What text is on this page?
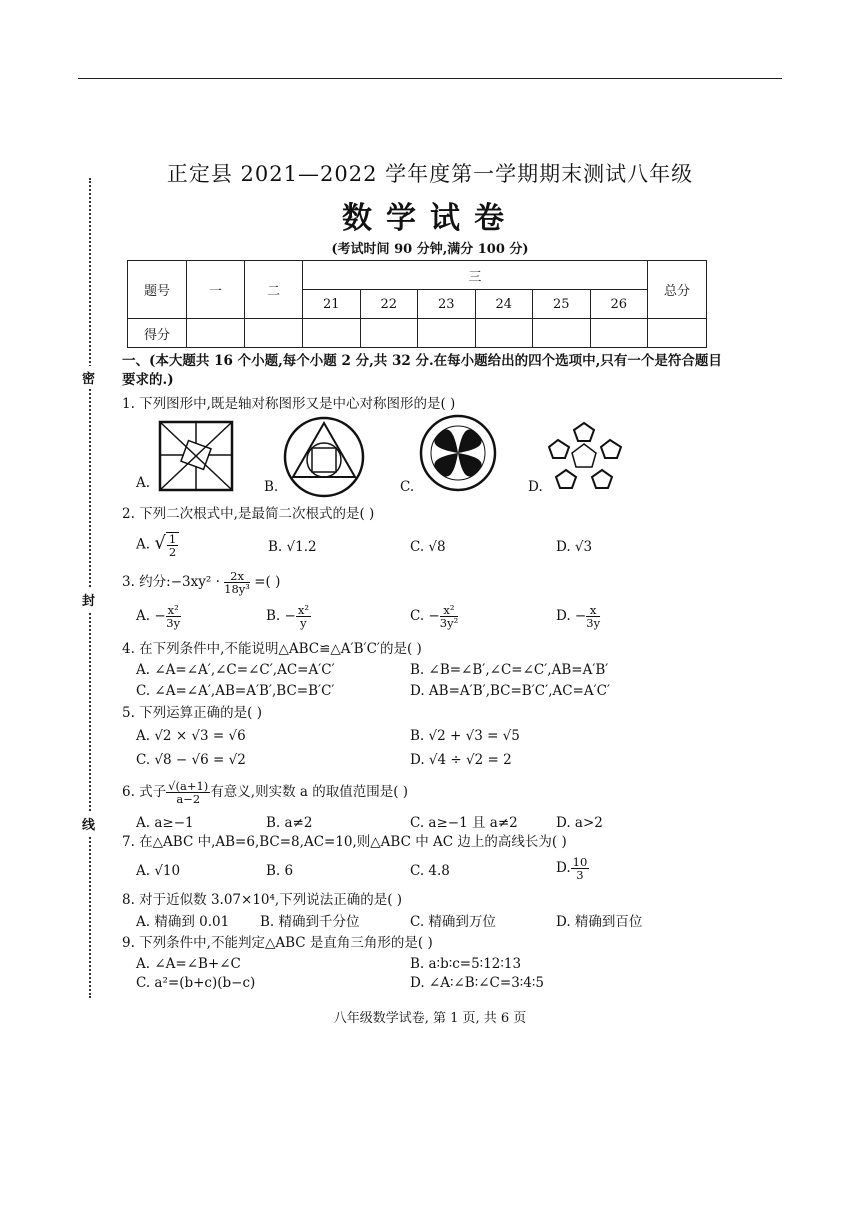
密
封
线
正定县 2021—2022 学年度第一学期期末测试八年级
数学试卷
(考试时间 90 分钟,满分 100 分)
题号	一	二	三						总分
			21	22	23	24	25	26	
得分									
一、(本大题共 16 个小题,每个小题 2 分,共 32 分.在每小题给出的四个选项中,只有一个是符合题目要求的.)
1. 下列图形中,既是轴对称图形又是中心对称图形的是( )
A.	B.	C.	D.
2. 下列二次根式中,是最简二次根式的是( )
A. √ $\frac{1}{2}$	B. √1.2	C. √8	D. √3
3. 约分:−3xy² · $\frac{2x}{\text{18y³}}$ =( )
A. − $\frac{\text{x²}}{3y}$	B. − $\frac{\text{x²}}{y}$	C. − $\frac{\text{x²}}{\text{3y²}}$	D. − $\frac{x}{3y}$
4. 在下列条件中,不能说明△ABC≌△A′B′C′的是( )
A. ∠A=∠A′,∠C=∠C′,AC=A′C′	B. ∠B=∠B′,∠C=∠C′,AB=A′B′
C. ∠A=∠A′,AB=A′B′,BC=B′C′	D. AB=A′B′,BC=B′C′,AC=A′C′
5. 下列运算正确的是( )
A. √2 × √3 = √6	B. √2 + √3 = √5
C. √8 − √6 = √2	D. √4 ÷ √2 = 2
6. 式子 $\frac{√(a+1)}{a-2}$ 有意义,则实数 a 的取值范围是( )
A. a≥−1	B. a≠2	C. a≥−1 且 a≠2	D. a>2
7. 在△ABC 中,AB=6,BC=8,AC=10,则△ABC 中 AC 边上的高线长为( )
A. √10	B. 6	C. 4.8	D. $\frac{10}{3}$
8. 对于近似数 3.07×10⁴,下列说法正确的是( )
A. 精确到 0.01 B. 精确到千分位	C. 精确到万位	D. 精确到百位
9. 下列条件中,不能判定△ABC 是直角三角形的是( )
A. ∠A=∠B+∠C	B. a∶b∶c=5∶12∶13
C. a²=(b+c)(b−c)	D. ∠A∶∠B∶∠C=3∶4∶5
八年级数学试卷, 第 1 页, 共 6 页
